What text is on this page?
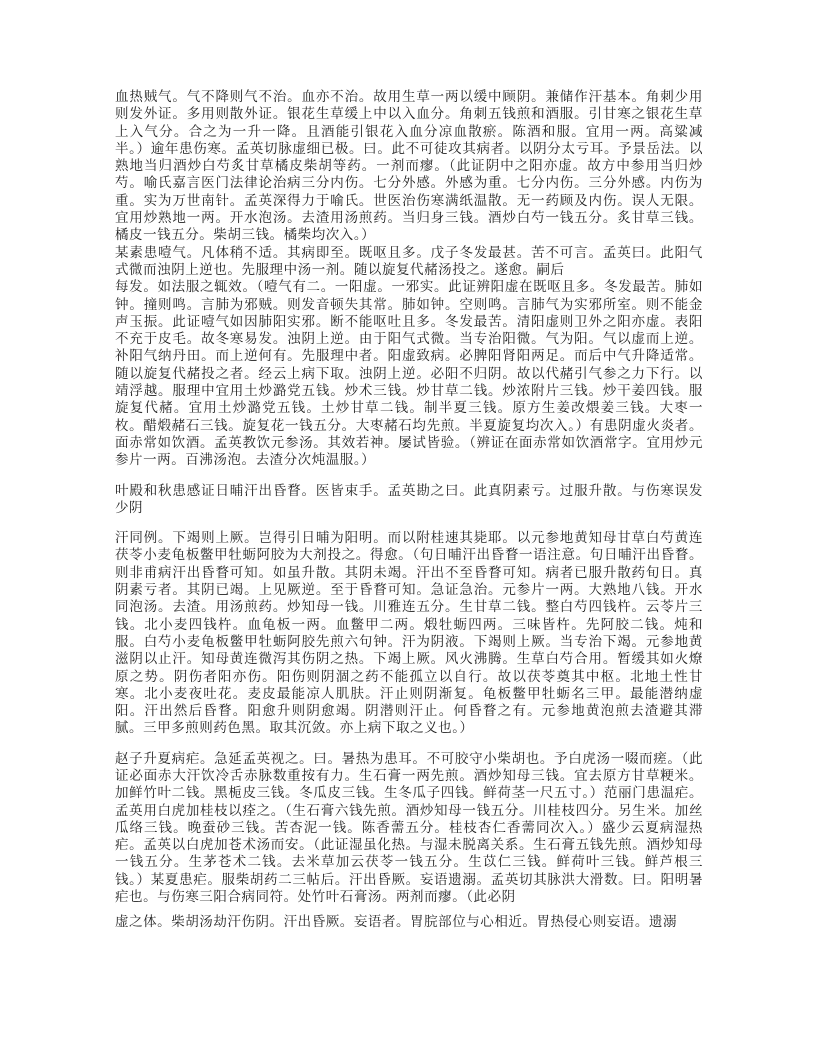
血热贼气。气不降则气不治。血亦不治。故用生草一两以缓中顾阴。兼储作汗基本。角刺少用则发外证。多用则散外证。银花生草缓上中以入血分。角刺五钱煎和酒服。引甘寒之银花生草上入气分。合之为一升一降。且酒能引银花入血分凉血散瘀。陈酒和服。宜用一两。高粱减半。）逾年患伤寒。孟英切脉虚细已极。曰。此不可徒攻其病者。以阴分太亏耳。予景岳法。以熟地当归酒炒白芍炙甘草橘皮柴胡等药。一剂而瘳。（此证阴中之阳亦虚。故方中参用当归炒芍。喻氏嘉言医门法律论治病三分内伤。七分外感。外感为重。七分内伤。三分外感。内伤为重。实为万世南针。孟英深得力于喻氏。世医治伤寒满纸温散。无一药顾及内伤。误人无限。宜用炒熟地一两。开水泡汤。去渣用汤煎药。当归身三钱。酒炒白芍一钱五分。炙甘草三钱。橘皮一钱五分。柴胡三钱。橘柴均次入。）

某素患噎气。凡体稍不适。其病即至。既呕且多。戊子冬发最甚。苦不可言。孟英曰。此阳气式微而浊阴上逆也。先服理中汤一剂。随以旋复代赭汤投之。遂愈。嗣后

每发。如法服之辄效。（噎气有二。一阳虚。一邪实。此证辨阳虚在既呕且多。冬发最苦。肺如钟。撞则鸣。言肺为邪贼。则发音顿失其常。肺如钟。空则鸣。言肺气为实邪所室。则不能金声玉振。此证噎气如因肺阳实邪。断不能呕吐且多。冬发最苦。清阳虚则卫外之阳亦虚。表阳不充于皮毛。故冬寒易发。浊阴上逆。由于阳气式微。当专治阳微。气为阳。气以虚而上逆。补阳气纳丹田。而上逆何有。先服理中者。阳虚致病。必脾阳肾阳两足。而后中气升降适常。随以旋复代赭投之者。经云上病下取。浊阴上逆。必阳不归阴。故以代赭引气参之力下行。以靖浮越。服理中宜用土炒潞党五钱。炒术三钱。炒甘草二钱。炒浓附片三钱。炒干姜四钱。服旋复代赭。宜用土炒潞党五钱。土炒甘草二钱。制半夏三钱。原方生姜改煨姜三钱。大枣一枚。醋煅赭石三钱。旋复花一钱五分。大枣赭石均先煎。半夏旋复均次入。）有患阴虚火炎者。面赤常如饮酒。孟英教饮元参汤。其效若神。屡试皆验。（辨证在面赤常如饮酒常字。宜用炒元参片一两。百沸汤泡。去渣分次炖温服。）

叶殿和秋患感证日晡汗出昏瞀。医皆束手。孟英勘之曰。此真阴素亏。过服升散。与伤寒误发少阴

汗同例。下竭则上厥。岂得引日晡为阳明。而以附桂速其毙耶。以元参地黄知母甘草白芍黄连茯苓小麦龟板鳖甲牡蛎阿胶为大剂投之。得愈。（句日晡汗出昏瞀一语注意。句日晡汗出昏瞀。则非甫病汗出昏瞀可知。如虽升散。其阴未竭。汗出不至昏瞀可知。病者已服升散药旬日。真阴素亏者。其阴已竭。上见厥逆。至于昏瞀可知。急证急治。元参片一两。大熟地八钱。开水同泡汤。去渣。用汤煎药。炒知母一钱。川雅连五分。生甘草二钱。整白芍四钱杵。云苓片三钱。北小麦四钱杵。血龟板一两。血鳖甲二两。煅牡蛎四两。三味皆杵。先阿胶二钱。炖和服。白芍小麦龟板鳖甲牡蛎阿胶先煎六句钟。汗为阴液。下竭则上厥。当专治下竭。元参地黄滋阴以止汗。知母黄连微泻其伤阴之热。下竭上厥。风火沸腾。生草白芍合用。暂缓其如火燎原之势。阴伤者阳亦伤。阳伤则阴涸之药不能孤立以自行。故以茯苓奠其中枢。北地土性甘寒。北小麦夜吐花。麦皮最能凉人肌肤。汗止则阴渐复。龟板鳖甲牡蛎名三甲。最能潜纳虚阳。汗出然后昏瞀。阳愈升则阴愈竭。阴潜则汗止。何昏瞀之有。元参地黄泡煎去渣避其滞腻。三甲多煎则药色黑。取其沉敛。亦上病下取之义也。）

赵子升夏病疟。急延孟英视之。曰。暑热为患耳。不可胶守小柴胡也。予白虎汤一啜而瘥。（此证必面赤大汗饮冷舌赤脉数重按有力。生石膏一两先煎。酒炒知母三钱。宜去原方甘草粳米。加鲜竹叶二钱。黑栀皮三钱。冬瓜皮三钱。生冬瓜子四钱。鲜荷茎一尺五寸。）范丽门患温疟。孟英用白虎加桂枝以痊之。（生石膏六钱先煎。酒炒知母一钱五分。川桂枝四分。另生米。加丝瓜络三钱。晚蚕砂三钱。苦杏泥一钱。陈香薷五分。桂枝杏仁香薷同次入。）盛少云夏病湿热疟。孟英以白虎加苍术汤而安。（此证湿虽化热。与湿未脱离关系。生石膏五钱先煎。酒炒知母一钱五分。生茅苍术二钱。去米草加云茯苓一钱五分。生苡仁三钱。鲜荷叶三钱。鲜芦根三钱。）某夏患疟。服柴胡药二三帖后。汗出昏厥。妄语遗溺。孟英切其脉洪大滑数。曰。阳明暑疟也。与伤寒三阳合病同符。处竹叶石膏汤。两剂而瘳。（此必阴

虚之体。柴胡汤劫汗伤阴。汗出昏厥。妄语者。胃脘部位与心相近。胃热侵心则妄语。遗溺
